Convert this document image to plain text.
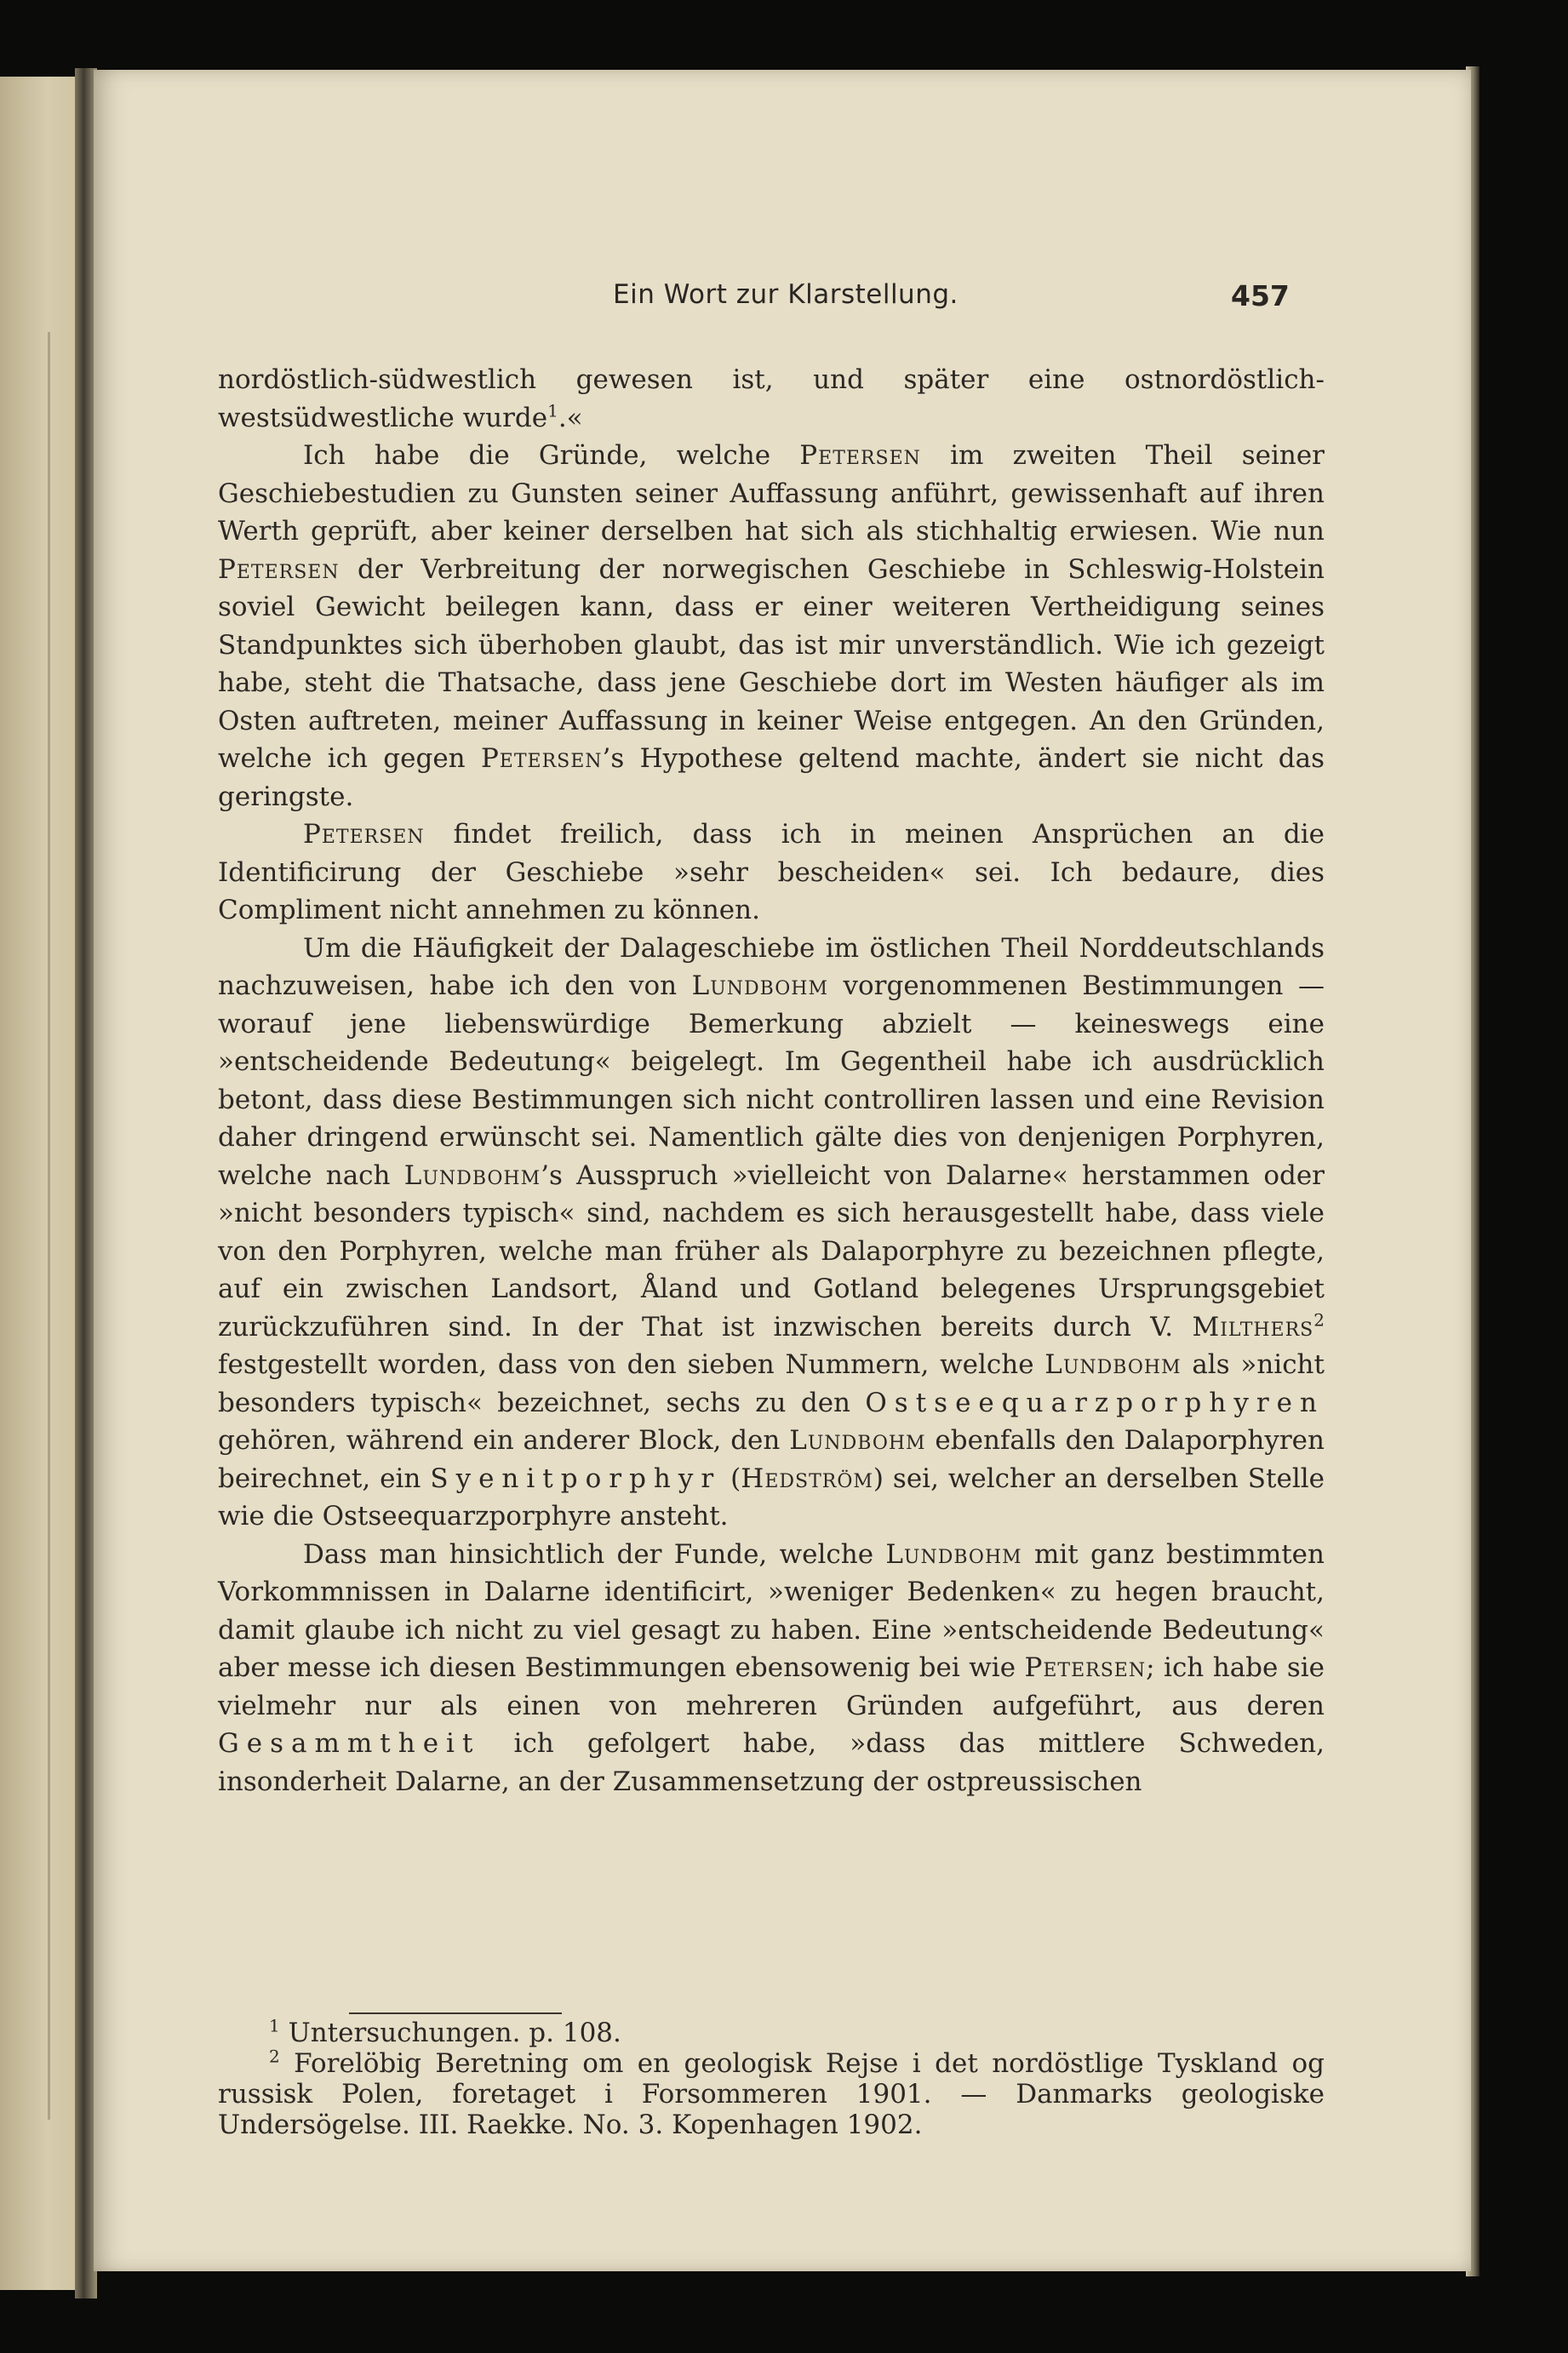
Ein Wort zur Klarstellung.	457

nordöstlich-südwestlich gewesen ist, und später eine ostnordöstlich-westsüdwestliche wurde$^1$.«

Ich habe die Gründe, welche Petersen im zweiten Theil seiner Geschiebestudien zu Gunsten seiner Auffassung anführt, gewissenhaft auf ihren Werth geprüft, aber keiner derselben hat sich als stichhaltig erwiesen. Wie nun Petersen der Verbreitung der norwegischen Geschiebe in Schleswig-Holstein soviel Gewicht beilegen kann, dass er einer weiteren Vertheidigung seines Standpunktes sich überhoben glaubt, das ist mir unverständlich. Wie ich gezeigt habe, steht die Thatsache, dass jene Geschiebe dort im Westen häufiger als im Osten auftreten, meiner Auffassung in keiner Weise entgegen. An den Gründen, welche ich gegen Petersen’s Hypothese geltend machte, ändert sie nicht das geringste.

Petersen findet freilich, dass ich in meinen Ansprüchen an die Identificirung der Geschiebe »sehr bescheiden« sei. Ich bedaure, dies Compliment nicht annehmen zu können.

Um die Häufigkeit der Dalageschiebe im östlichen Theil Norddeutschlands nachzuweisen, habe ich den von Lundbohm vorgenommenen Bestimmungen — worauf jene liebenswürdige Bemerkung abzielt — keineswegs eine »entscheidende Bedeutung« beigelegt. Im Gegentheil habe ich ausdrücklich betont, dass diese Bestimmungen sich nicht controlliren lassen und eine Revision daher dringend erwünscht sei. Namentlich gälte dies von denjenigen Porphyren, welche nach Lundbohm’s Ausspruch »vielleicht von Dalarne« herstammen oder »nicht besonders typisch« sind, nachdem es sich herausgestellt habe, dass viele von den Porphyren, welche man früher als Dalaporphyre zu bezeichnen pflegte, auf ein zwischen Landsort, Åland und Gotland belegenes Ursprungsgebiet zurückzuführen sind. In der That ist inzwischen bereits durch V. Milthers$^2$ festgestellt worden, dass von den sieben Nummern, welche Lundbohm als »nicht besonders typisch« bezeichnet, sechs zu den Ostseequarzporphyren gehören, während ein anderer Block, den Lundbohm ebenfalls den Dalaporphyren beirechnet, ein Syenitporphyr (Hedström) sei, welcher an derselben Stelle wie die Ostseequarzporphyre ansteht.

Dass man hinsichtlich der Funde, welche Lundbohm mit ganz bestimmten Vorkommnissen in Dalarne identificirt, »weniger Bedenken« zu hegen braucht, damit glaube ich nicht zu viel gesagt zu haben. Eine »entscheidende Bedeutung« aber messe ich diesen Bestimmungen ebensowenig bei wie Petersen; ich habe sie vielmehr nur als einen von mehreren Gründen aufgeführt, aus deren Gesammtheit ich gefolgert habe, »dass das mittlere Schweden, insonderheit Dalarne, an der Zusammensetzung der ostpreussischen

$^1$ Untersuchungen. p. 108.

$^2$ Forelöbig Beretning om en geologisk Rejse i det nordöstlige Tyskland og russisk Polen, foretaget i Forsommeren 1901. — Danmarks geologiske Undersögelse. III. Raekke. No. 3. Kopenhagen 1902.
